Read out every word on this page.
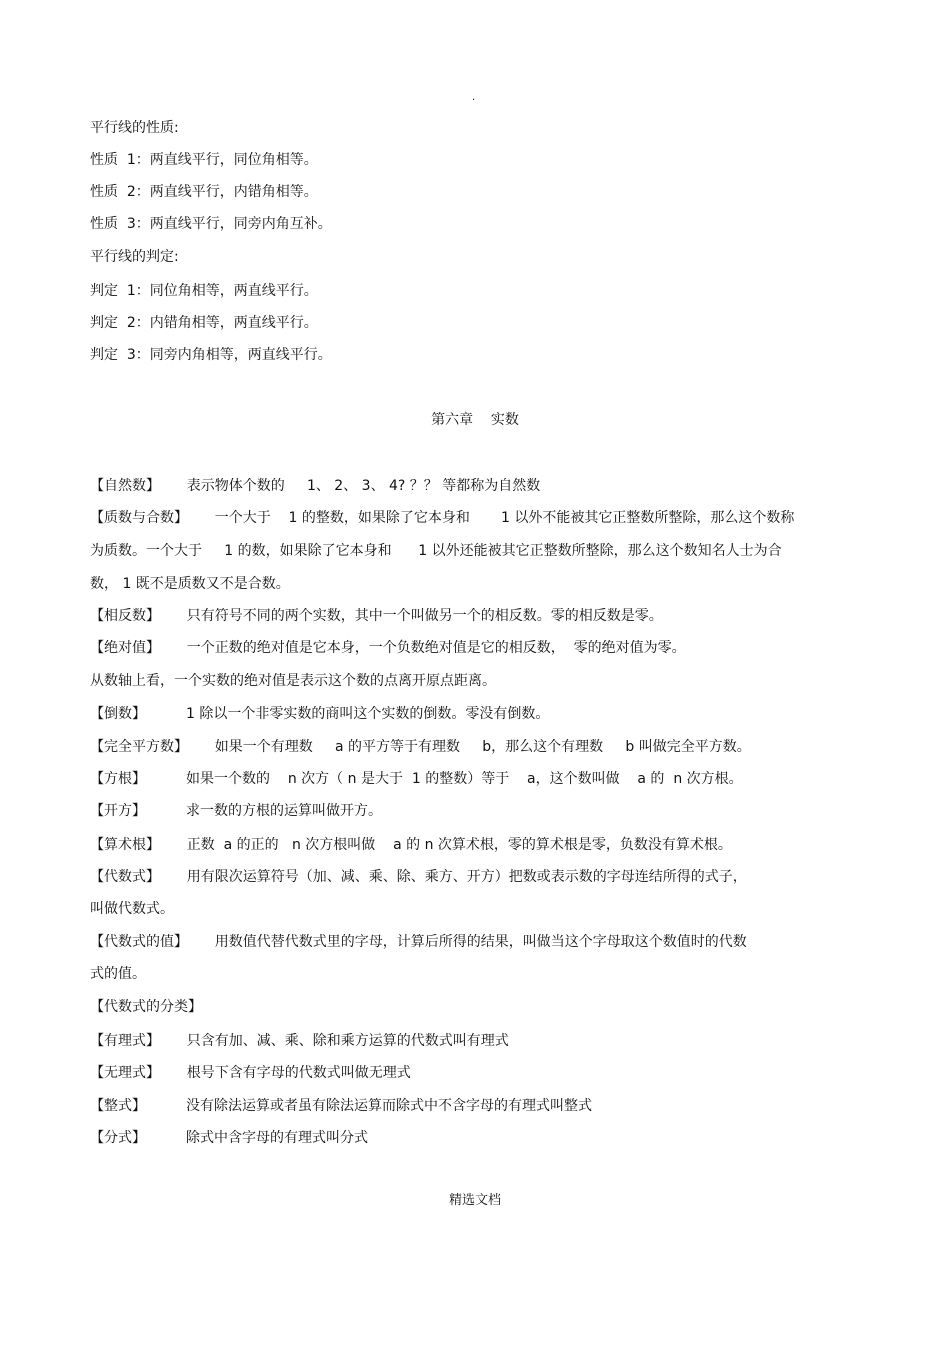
.
平行线的性质:
性质  1：两直线平行，同位角相等。
性质  2：两直线平行，内错角相等。
性质  3：两直线平行，同旁内角互补。
平行线的判定:
判定  1：同位角相等，两直线平行。
判定  2：内错角相等，两直线平行。
判定  3：同旁内角相等，两直线平行。
第六章    实数
【自然数】      表示物体个数的     1、 2、 3、 4? ？？ 等都称为自然数
【质数与合数】      一个大于    1 的整数，如果除了它本身和       1 以外不能被其它正整数所整除，那么这个数称
为质数。一个大于     1 的数，如果除了它本身和      1 以外还能被其它正整数所整除，那么这个数知名人士为合
数， 1 既不是质数又不是合数。
【相反数】      只有符号不同的两个实数，其中一个叫做另一个的相反数。零的相反数是零。
【绝对值】      一个正数的绝对值是它本身，一个负数绝对值是它的相反数，  零的绝对值为零。
从数轴上看，一个实数的绝对值是表示这个数的点离开原点距离。
【倒数】         1 除以一个非零实数的商叫这个实数的倒数。零没有倒数。
【完全平方数】      如果一个有理数     a 的平方等于有理数     b，那么这个有理数     b 叫做完全平方数。
【方根】         如果一个数的    n 次方（ n 是大于  1 的整数）等于    a，这个数叫做    a 的  n 次方根。
【开方】         求一数的方根的运算叫做开方。
【算术根】      正数  a 的正的   n 次方根叫做    a 的 n 次算术根，零的算术根是零，负数没有算术根。
【代数式】      用有限次运算符号（加、减、乘、除、乘方、开方）把数或表示数的字母连结所得的式子，
叫做代数式。
【代数式的值】      用数值代替代数式里的字母，计算后所得的结果，叫做当这个字母取这个数值时的代数
式的值。
【代数式的分类】
【有理式】      只含有加、减、乘、除和乘方运算的代数式叫有理式
【无理式】      根号下含有字母的代数式叫做无理式
【整式】         没有除法运算或者虽有除法运算而除式中不含字母的有理式叫整式
【分式】         除式中含字母的有理式叫分式
精选文档
